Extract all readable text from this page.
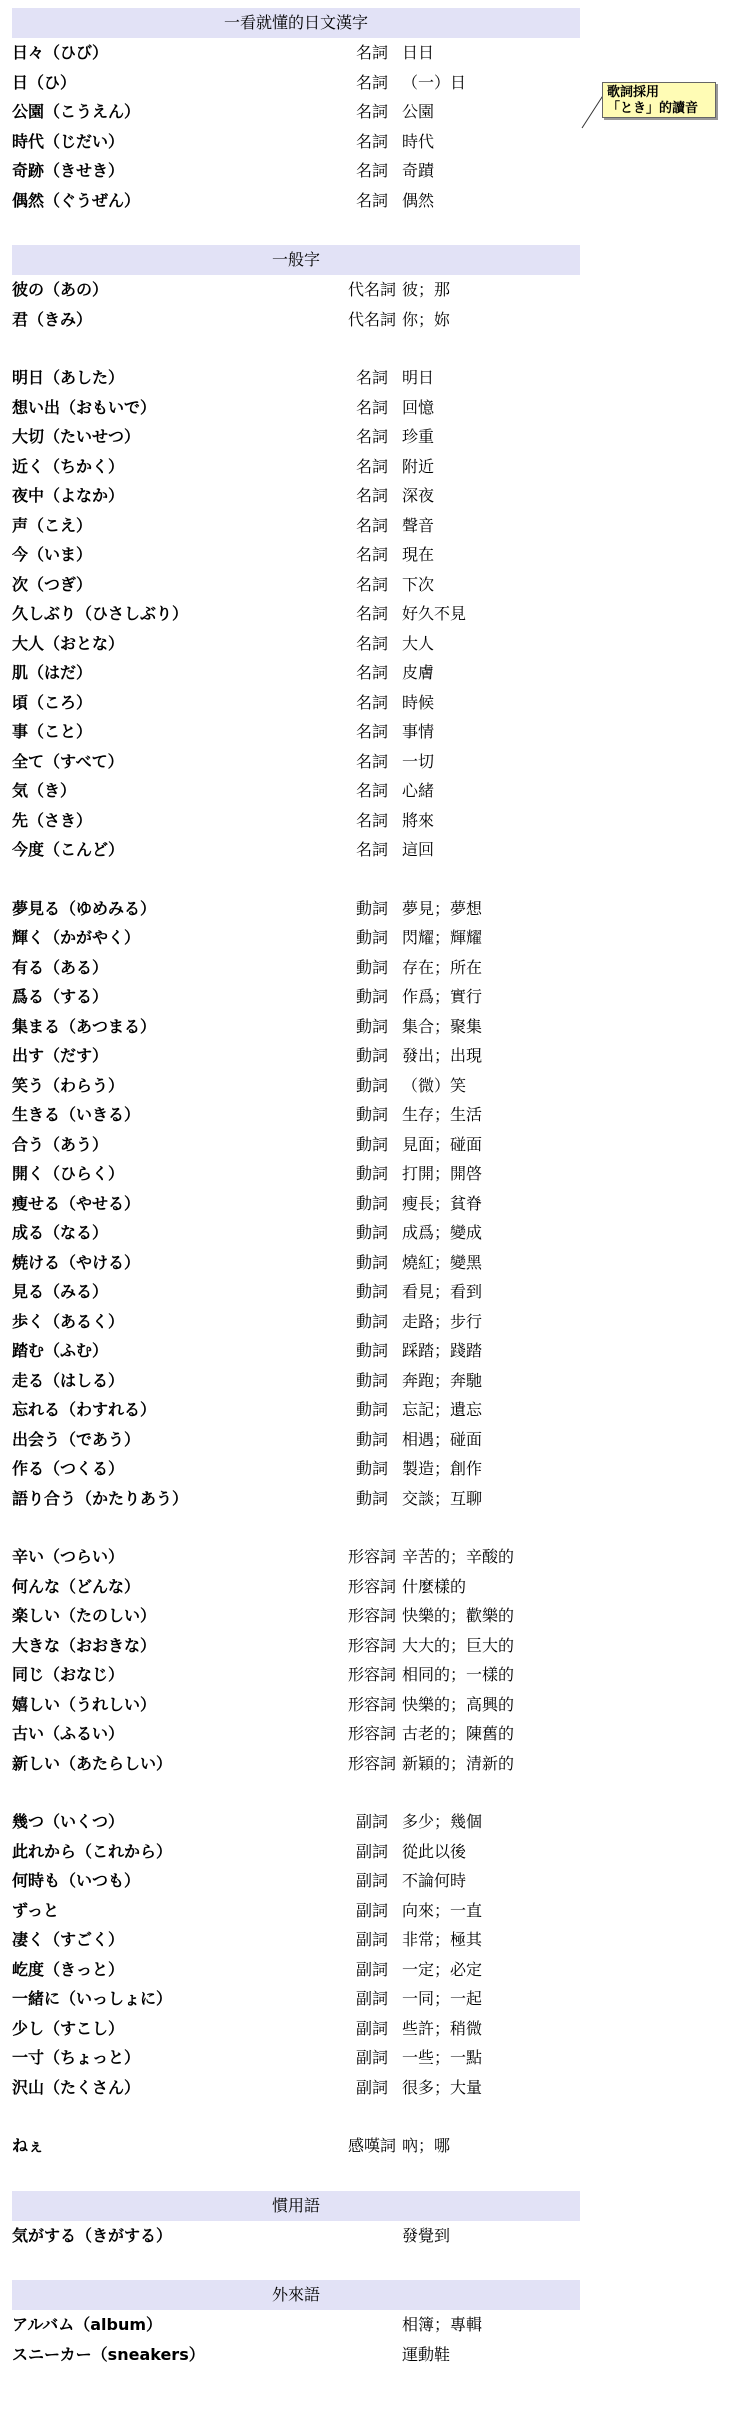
一看就懂的日文漢字
日々（ひび）	名詞 日日
日（ひ）	名詞 （一）日
公園（こうえん）	名詞 公園
時代（じだい）	名詞 時代
奇跡（きせき）	名詞 奇蹟
偶然（ぐうぜん）	名詞 偶然
一般字
彼の（あの）	代名詞 彼；那
君（きみ）	代名詞 你；妳
明日（あした）	名詞 明日
想い出（おもいで）	名詞 回憶
大切（たいせつ）	名詞 珍重
近く（ちかく）	名詞 附近
夜中（よなか）	名詞 深夜
声（こえ）	名詞 聲音
今（いま）	名詞 現在
次（つぎ）	名詞 下次
久しぶり（ひさしぶり）	名詞 好久不見
大人（おとな）	名詞 大人
肌（はだ）	名詞 皮膚
頃（ころ）	名詞 時候
事（こと）	名詞 事情
全て（すべて）	名詞 一切
気（き）	名詞 心緒
先（さき）	名詞 將來
今度（こんど）	名詞 這回
夢見る（ゆめみる）	動詞 夢見；夢想
輝く（かがやく）	動詞 閃耀；輝耀
有る（ある）	動詞 存在；所在
爲る（する）	動詞 作爲；實行
集まる（あつまる）	動詞 集合；聚集
出す（だす）	動詞 發出；出現
笑う（わらう）	動詞 （微）笑
生きる（いきる）	動詞 生存；生活
合う（あう）	動詞 見面；碰面
開く（ひらく）	動詞 打開；開啓
瘦せる（やせる）	動詞 瘦長；貧脊
成る（なる）	動詞 成爲；變成
焼ける（やける）	動詞 燒紅；變黑
見る（みる）	動詞 看見；看到
歩く（あるく）	動詞 走路；步行
踏む（ふむ）	動詞 踩踏；踐踏
走る（はしる）	動詞 奔跑；奔馳
忘れる（わすれる）	動詞 忘記；遺忘
出会う（であう）	動詞 相遇；碰面
作る（つくる）	動詞 製造；創作
語り合う（かたりあう）	動詞 交談；互聊
辛い（つらい）	形容詞 辛苦的；辛酸的
何んな（どんな）	形容詞 什麼樣的
楽しい（たのしい）	形容詞 快樂的；歡樂的
大きな（おおきな）	形容詞 大大的；巨大的
同じ（おなじ）	形容詞 相同的；一樣的
嬉しい（うれしい）	形容詞 快樂的；高興的
古い（ふるい）	形容詞 古老的；陳舊的
新しい（あたらしい）	形容詞 新穎的；清新的
幾つ（いくつ）	副詞 多少；幾個
此れから（これから）	副詞 從此以後
何時も（いつも）	副詞 不論何時
ずっと	副詞 向來；一直
凄く（すごく）	副詞 非常；極其
屹度（きっと）	副詞 一定；必定
一緒に（いっしょに）	副詞 一同；一起
少し（すこし）	副詞 些許；稍微
一寸（ちょっと）	副詞 一些；一點
沢山（たくさん）	副詞 很多；大量
ねぇ	感嘆詞 吶；哪
慣用語
気がする（きがする）	發覺到
外來語
アルバム（album）	相簿；專輯
スニーカー（sneakers）	運動鞋
歌詞採用
「とき」的讀音
